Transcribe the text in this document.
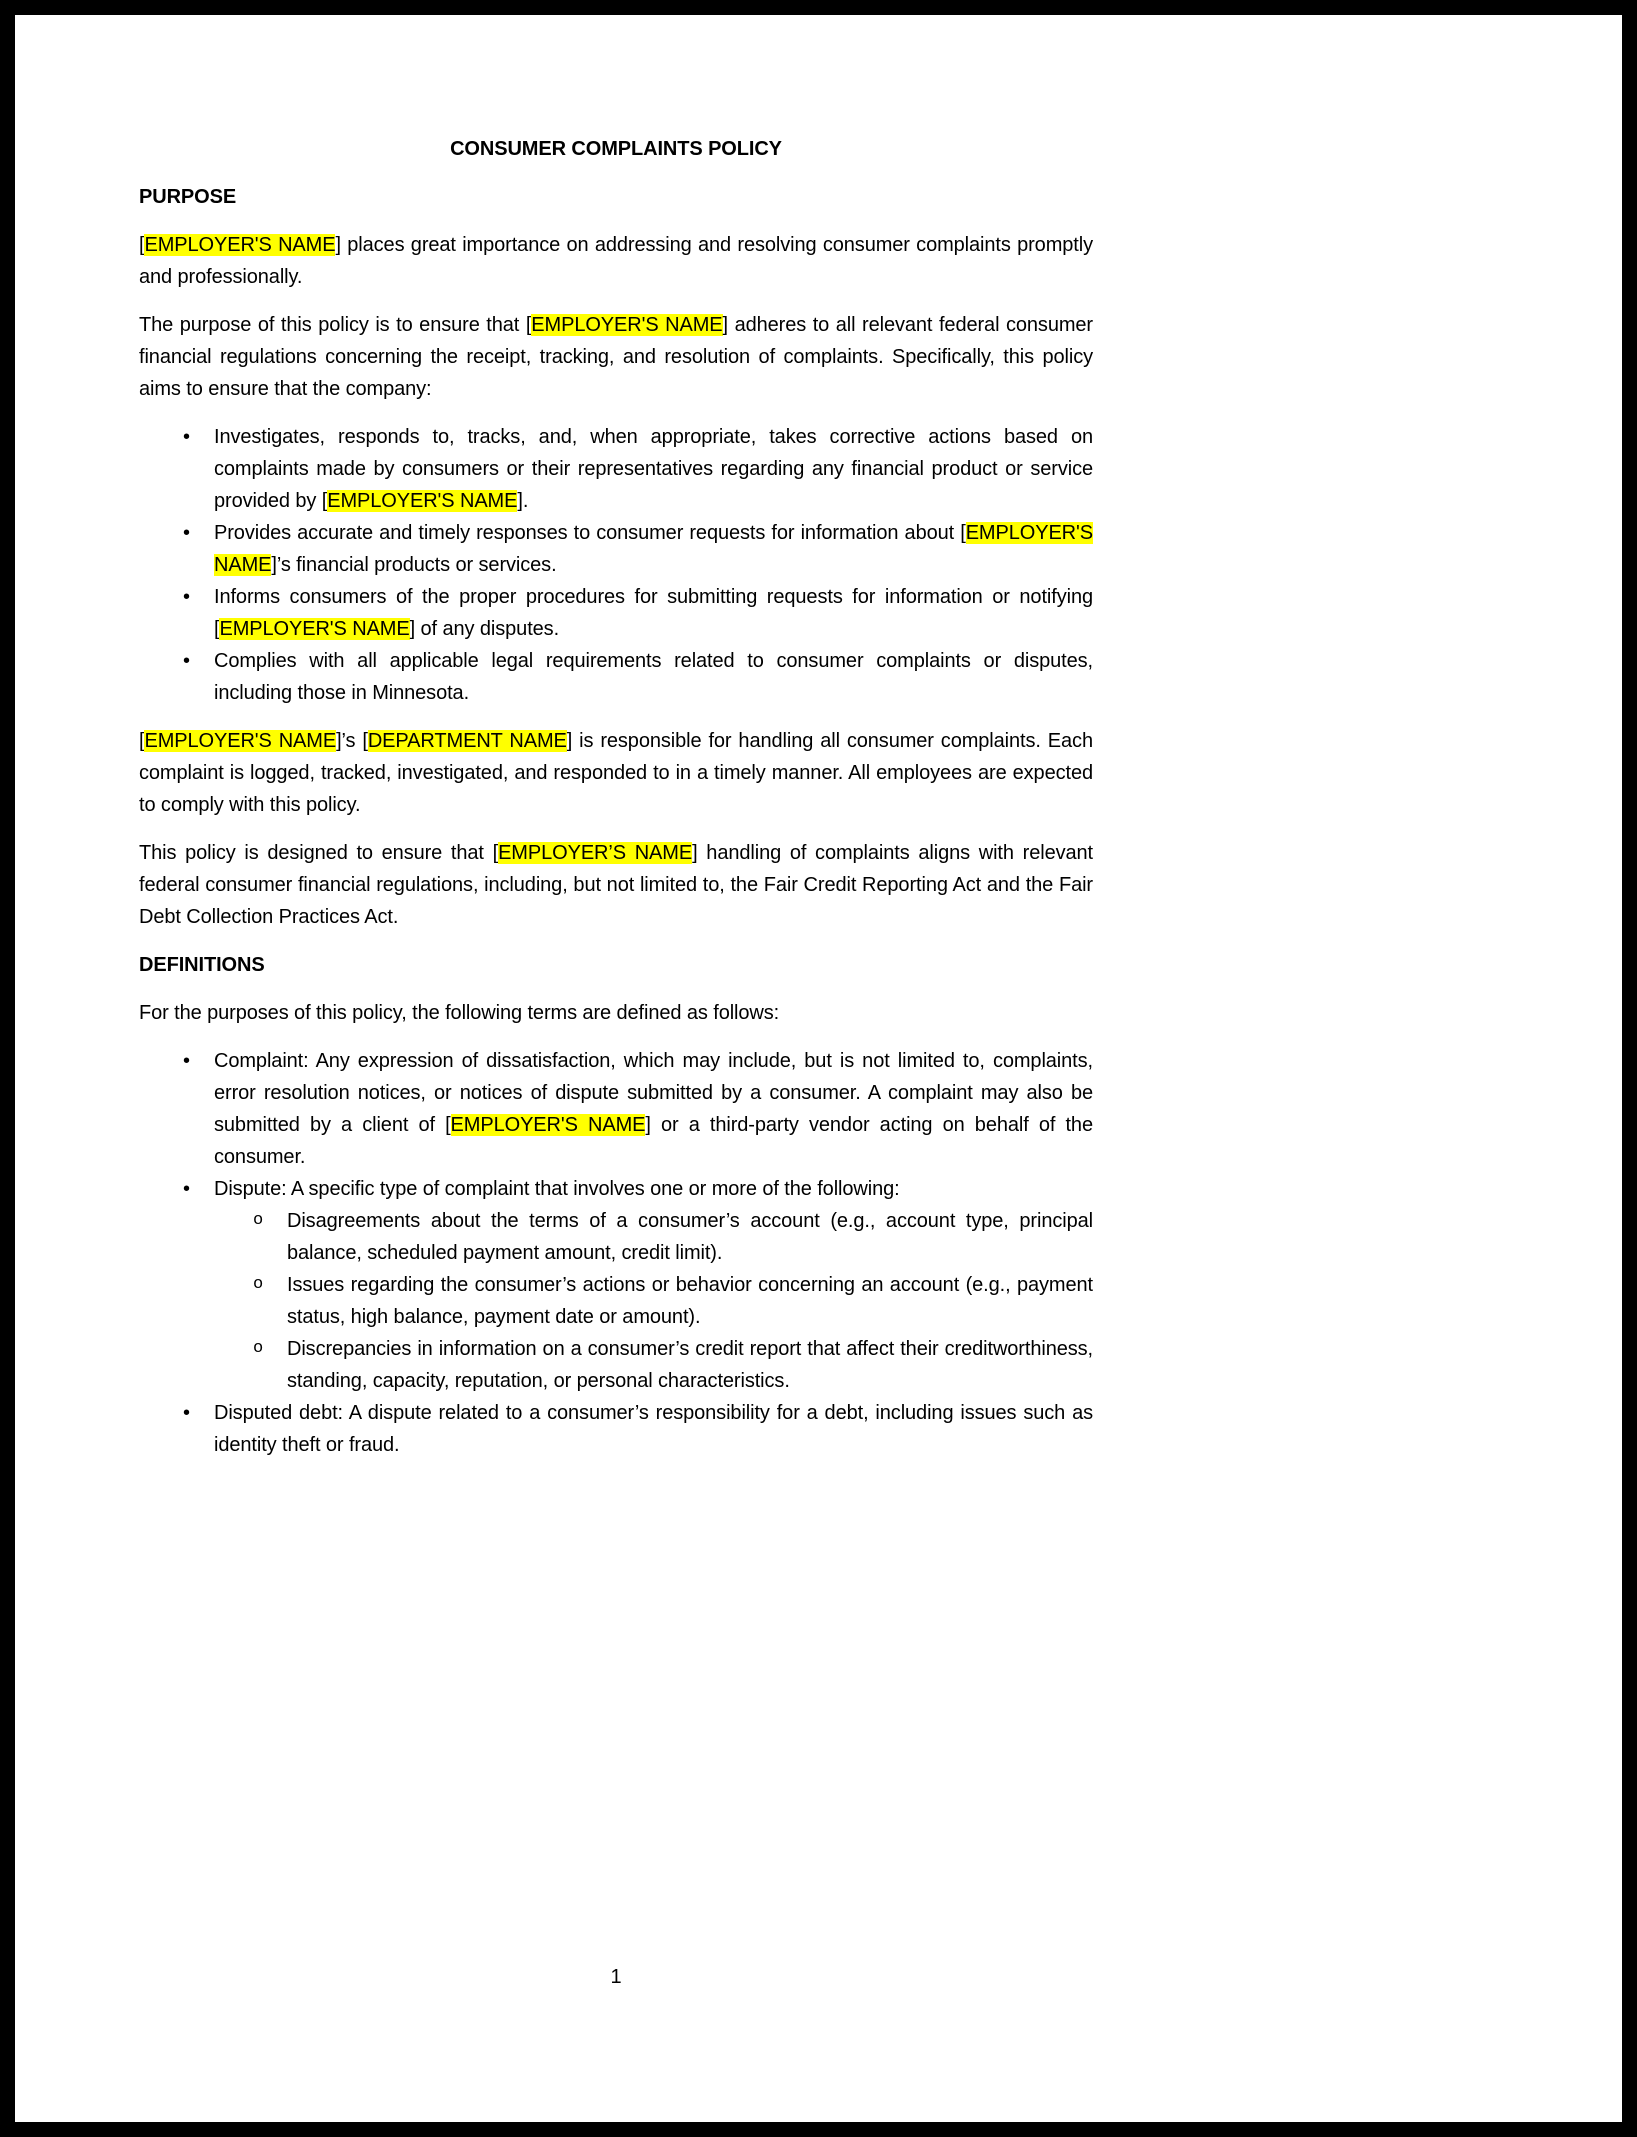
CONSUMER COMPLAINTS POLICY

PURPOSE

[EMPLOYER'S NAME] places great importance on addressing and resolving consumer complaints promptly and professionally.

The purpose of this policy is to ensure that [EMPLOYER'S NAME] adheres to all relevant federal consumer financial regulations concerning the receipt, tracking, and resolution of complaints. Specifically, this policy aims to ensure that the company:

• Investigates, responds to, tracks, and, when appropriate, takes corrective actions based on complaints made by consumers or their representatives regarding any financial product or service provided by [EMPLOYER'S NAME].
• Provides accurate and timely responses to consumer requests for information about [EMPLOYER'S NAME]’s financial products or services.
• Informs consumers of the proper procedures for submitting requests for information or notifying [EMPLOYER'S NAME] of any disputes.
• Complies with all applicable legal requirements related to consumer complaints or disputes, including those in Minnesota.

[EMPLOYER'S NAME]’s [DEPARTMENT NAME] is responsible for handling all consumer complaints. Each complaint is logged, tracked, investigated, and responded to in a timely manner. All employees are expected to comply with this policy.

This policy is designed to ensure that [EMPLOYER’S NAME] handling of complaints aligns with relevant federal consumer financial regulations, including, but not limited to, the Fair Credit Reporting Act and the Fair Debt Collection Practices Act.

DEFINITIONS

For the purposes of this policy, the following terms are defined as follows:

• Complaint: Any expression of dissatisfaction, which may include, but is not limited to, complaints, error resolution notices, or notices of dispute submitted by a consumer. A complaint may also be submitted by a client of [EMPLOYER'S NAME] or a third-party vendor acting on behalf of the consumer.
• Dispute: A specific type of complaint that involves one or more of the following:
o Disagreements about the terms of a consumer’s account (e.g., account type, principal balance, scheduled payment amount, credit limit).
o Issues regarding the consumer’s actions or behavior concerning an account (e.g., payment status, high balance, payment date or amount).
o Discrepancies in information on a consumer’s credit report that affect their creditworthiness, standing, capacity, reputation, or personal characteristics.
• Disputed debt: A dispute related to a consumer’s responsibility for a debt, including issues such as identity theft or fraud.
1
